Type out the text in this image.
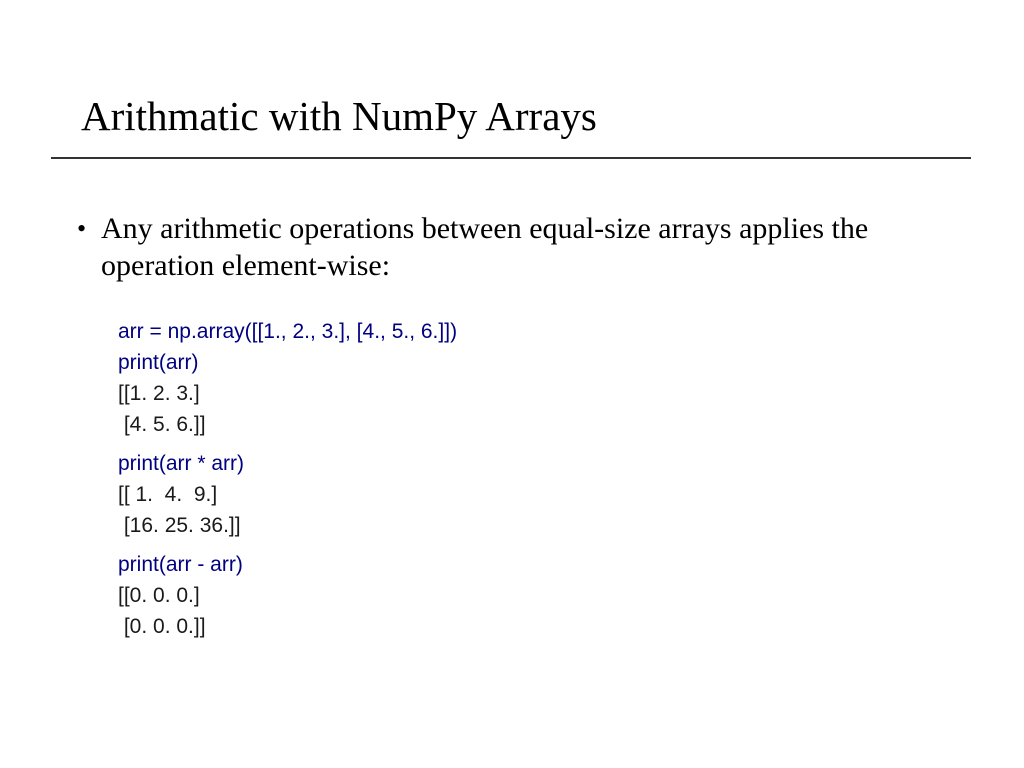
Arithmatic with NumPy Arrays
• Any arithmetic operations between equal-size arrays applies the operation element-wise:
arr = np.array([[1., 2., 3.], [4., 5., 6.]])
print(arr)
[[1. 2. 3.]
[4. 5. 6.]]
print(arr * arr)
[[ 1.  4.  9.]
[16. 25. 36.]]
print(arr - arr)
[[0. 0. 0.]
[0. 0. 0.]]
